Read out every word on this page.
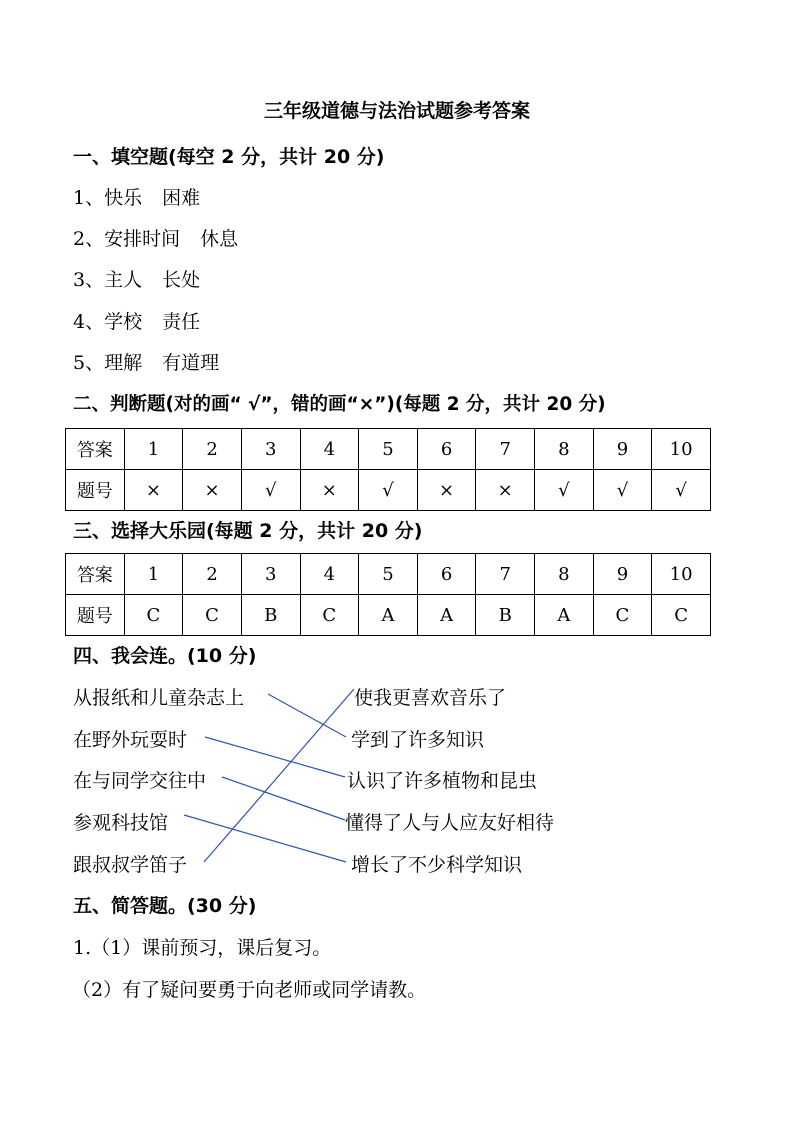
三年级道德与法治试题参考答案
一、填空题(每空 2 分，共计 20 分)
1、快乐 困难
2、安排时间 休息
3、主人 长处
4、学校 责任
5、理解 有道理
二、判断题(对的画“ √”，错的画“×”)(每题 2 分，共计 20 分)
答案	1	2	3	4	5	6	7	8	9	10
题号	×	×	√	×	√	×	×	√	√	√
三、选择大乐园(每题 2 分，共计 20 分)
答案	1	2	3	4	5	6	7	8	9	10
题号	C	C	B	C	A	A	B	A	C	C
四、我会连。(10 分)
从报纸和儿童杂志上
在野外玩耍时
在与同学交往中
参观科技馆
跟叔叔学笛子
使我更喜欢音乐了
学到了许多知识
认识了许多植物和昆虫
懂得了人与人应友好相待
增长了不少科学知识
五、简答题。(30 分)
1.（1）课前预习，课后复习。
（2）有了疑问要勇于向老师或同学请教。
